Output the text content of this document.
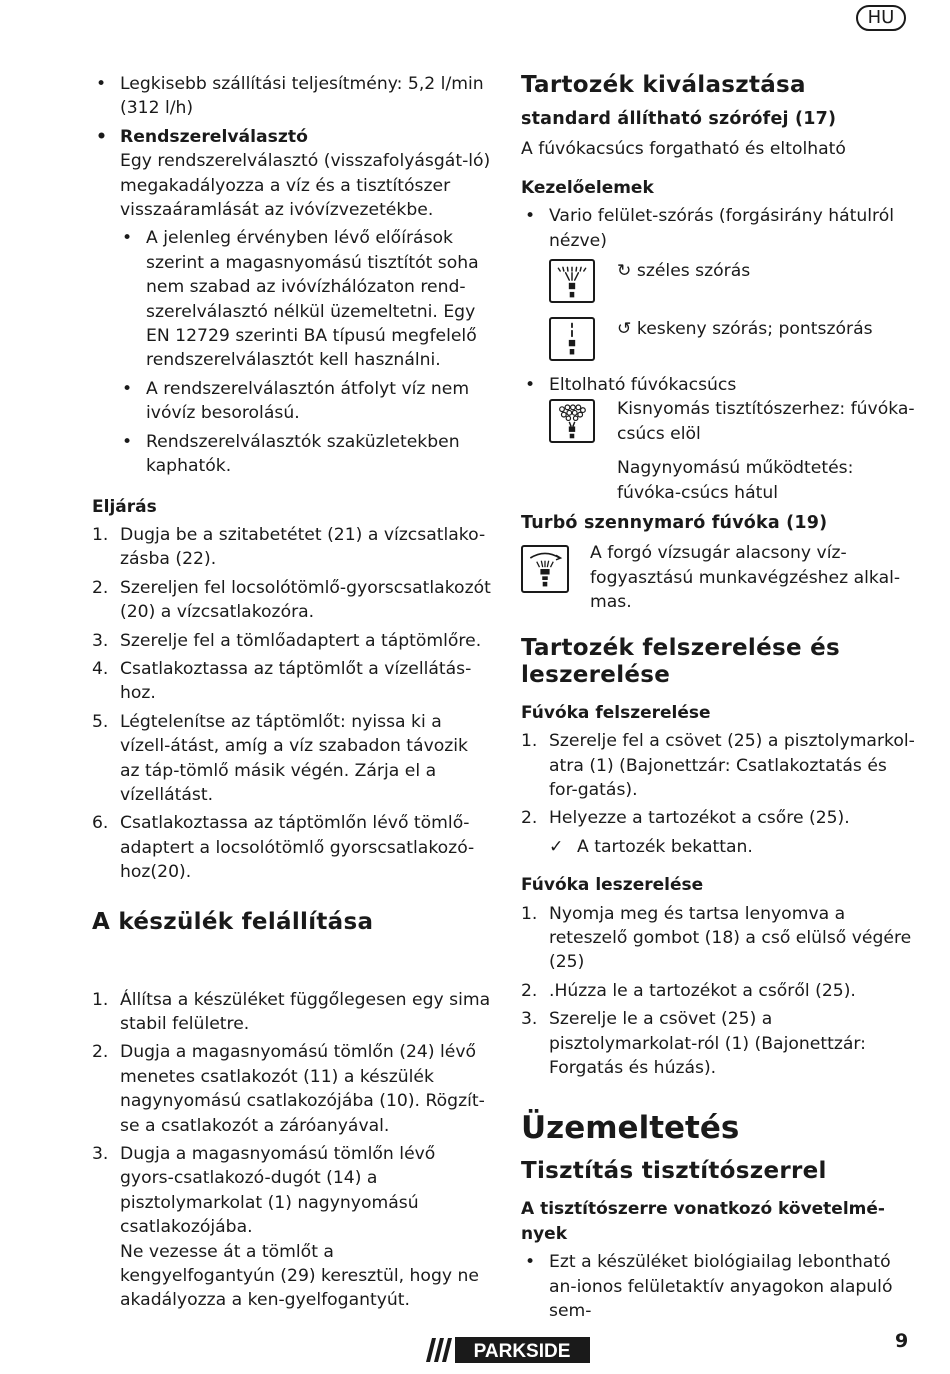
HU

• Legkisebb szállítási teljesítmény: 5,2 l/min (312 l/h)

• Rendszerelválasztó

Egy rendszerelválasztó (visszafolyásgát-ló) megakadályozza a víz és a tisztítószer visszaáramlását az ivóvízvezetékbe.

• A jelenleg érvényben lévő előírások szerint a magasnyomású tisztítót soha nem szabad az ivóvízhálózaton rend-szerelválasztó nélkül üzemeltetni. Egy EN 12729 szerinti BA típusú megfelelő rendszerelválasztót kell használni.

• A rendszerelválasztón átfolyt víz nem ivóvíz besorolású.

• Rendszerelválasztók szaküzletekben kaphatók.

Eljárás

1. Dugja be a szitabetétet (21) a vízcsatlako-zásba (22).

2. Szereljen fel locsolótömlő-gyorscsatlakozót (20) a vízcsatlakozóra.

3. Szerelje fel a tömlőadaptert a táptömlőre.

4. Csatlakoztassa az táptömlőt a vízellátás-hoz.

5. Légtelenítse az táptömlőt: nyissa ki a vízell-átást, amíg a víz szabadon távozik az táp-tömlő másik végén. Zárja el a vízellátást.

6. Csatlakoztassa az táptömlőn lévő tömlő-adaptert a locsolótömlő gyorscsatlakozó-hoz(20).

A készülék felállítása

1. Állítsa a készüléket függőlegesen egy sima stabil felületre.

2. Dugja a magasnyomású tömlőn (24) lévő menetes csatlakozót (11) a készülék nagynyomású csatlakozójába (10). Rögzít-se a csatlakozót a záróanyával.

3. Dugja a magasnyomású tömlőn lévő gyors-csatlakozó-dugót (14) a pisztolymarkolat (1) nagynyomású csatlakozójába.

Ne vezesse át a tömlőt a kengyelfogantyún (29) keresztül, hogy ne akadályozza a ken-gyelfogantyút.

Tartozék kiválasztása

standard állítható szórófej (17)

A fúvókacsúcs forgatható és eltolható

Kezelőelemek

• Vario felület-szórás (forgásirány hátulról nézve)

↻ széles szórás

↺ keskeny szórás; pontszórás

• Eltolható fúvókacsúcs

Kisnyomás tisztítószerhez: fúvóka-csúcs elöl

Nagynyomású működtetés: fúvóka-csúcs hátul

Turbó szennymaró fúvóka (19)

A forgó vízsugár alacsony víz-fogyasztású munkavégzéshez alkal-mas.

Tartozék felszerelése és leszerelése

Fúvóka felszerelése

1. Szerelje fel a csövet (25) a pisztolymarkol-atra (1) (Bajonettzár: Csatlakoztatás és for-gatás).

2. Helyezze a tartozékot a csőre (25).

✓ A tartozék bekattan.

Fúvóka leszerelése

1. Nyomja meg és tartsa lenyomva a reteszelő gombot (18) a cső elülső végére (25)

2. .Húzza le a tartozékot a csőről (25).

3. Szerelje le a csövet (25) a pisztolymarkolat-ról (1) (Bajonettzár: Forgatás és húzás).

Üzemeltetés

Tisztítás tisztítószerrel

A tisztítószerre vonatkozó követelmé-nyek

• Ezt a készüléket biológiailag lebontható an-ionos felületaktív anyagokon alapuló sem-

PARKSIDE	9
